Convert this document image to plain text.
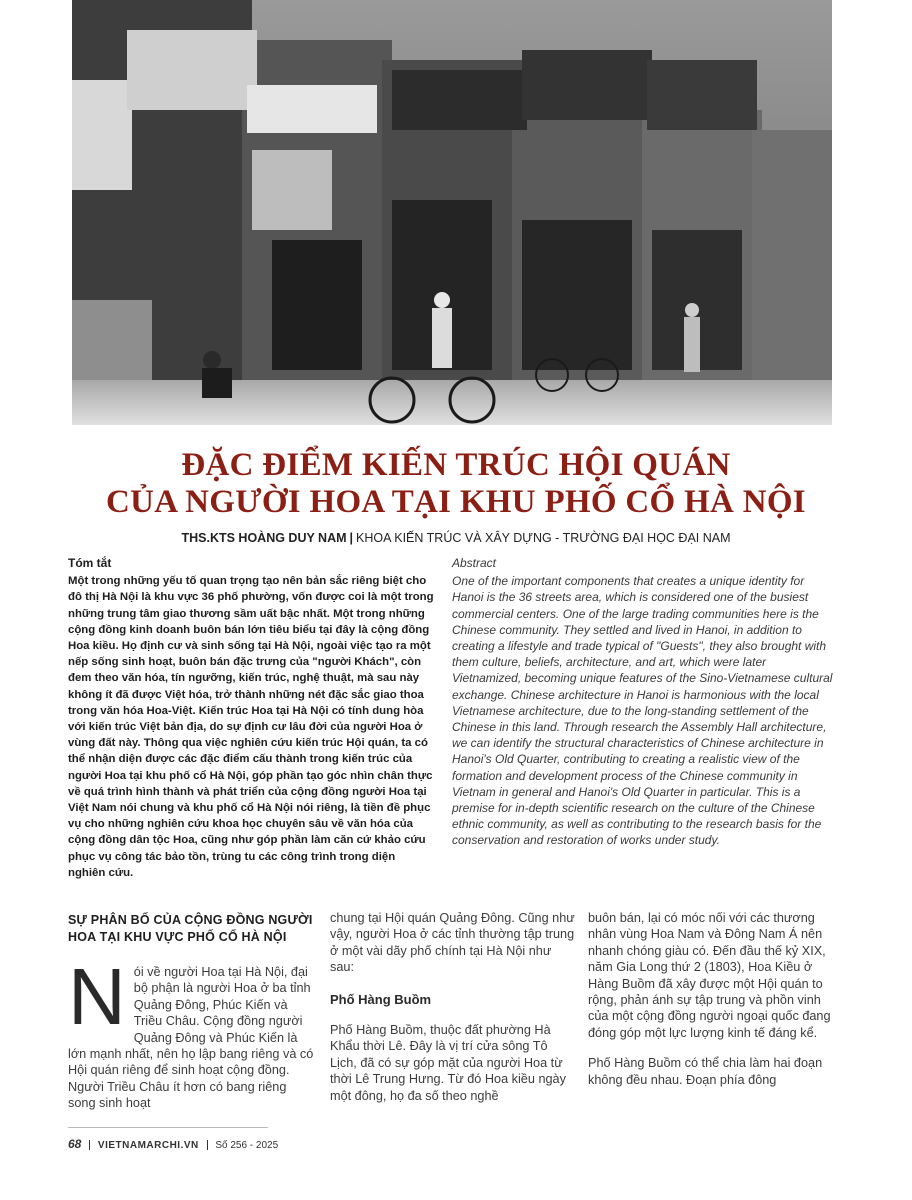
ĐẶC ĐIỂM KIẾN TRÚC HỘI QUÁN
CỦA NGƯỜI HOA TẠI KHU PHỐ CỔ HÀ NỘI
THS.KTS HOÀNG DUY NAM | KHOA KIẾN TRÚC VÀ XÂY DỰNG - TRƯỜNG ĐẠI HỌC ĐẠI NAM
Tóm tắt
Một trong những yếu tố quan trọng tạo nên bản sắc riêng biệt cho đô thị Hà Nội là khu vực 36 phố phường, vốn được coi là một trong những trung tâm giao thương sầm uất bậc nhất. Một trong những cộng đồng kinh doanh buôn bán lớn tiêu biểu tại đây là cộng đồng Hoa kiều. Họ định cư và sinh sống tại Hà Nội, ngoài việc tạo ra một nếp sống sinh hoạt, buôn bán đặc trưng của "người Khách", còn đem theo văn hóa, tín ngưỡng, kiến trúc, nghệ thuật, mà sau này không ít đã được Việt hóa, trở thành những nét đặc sắc giao thoa trong văn hóa Hoa-Việt. Kiến trúc Hoa tại Hà Nội có tính dung hòa với kiến trúc Việt bản địa, do sự định cư lâu đời của người Hoa ở vùng đất này. Thông qua việc nghiên cứu kiến trúc Hội quán, ta có thể nhận diện được các đặc điểm cấu thành trong kiến trúc của người Hoa tại khu phố cổ Hà Nội, góp phần tạo góc nhìn chân thực về quá trình hình thành và phát triển của cộng đồng người Hoa tại Việt Nam nói chung và khu phố cổ Hà Nội nói riêng, là tiền đề phục vụ cho những nghiên cứu khoa học chuyên sâu về văn hóa của cộng đồng dân tộc Hoa, cũng như góp phần làm căn cứ khảo cứu phục vụ công tác bảo tồn, trùng tu các công trình trong diện nghiên cứu.
Abstract
One of the important components that creates a unique identity for Hanoi is the 36 streets area, which is considered one of the busiest commercial centers. One of the large trading communities here is the Chinese community. They settled and lived in Hanoi, in addition to creating a lifestyle and trade typical of "Guests", they also brought with them culture, beliefs, architecture, and art, which were later Vietnamized, becoming unique features of the Sino-Vietnamese cultural exchange. Chinese architecture in Hanoi is harmonious with the local Vietnamese architecture, due to the long-standing settlement of the Chinese in this land. Through research the Assembly Hall architecture, we can identify the structural characteristics of Chinese architecture in Hanoi's Old Quarter, contributing to creating a realistic view of the formation and development process of the Chinese community in Vietnam in general and Hanoi's Old Quarter in particular. This is a premise for in-depth scientific research on the culture of the Chinese ethnic community, as well as contributing to the research basis for the conservation and restoration of works under study.
SỰ PHÂN BỐ CỦA CỘNG ĐỒNG NGƯỜI HOA TẠI KHU VỰC PHỐ CỔ HÀ NỘI
N ói về người Hoa tại Hà Nội, đại bộ phận là người Hoa ở ba tỉnh Quảng Đông, Phúc Kiến và Triều Châu. Cộng đồng người Quảng Đông và Phúc Kiến là lớn mạnh nhất, nên họ lập bang riêng và có Hội quán riêng để sinh hoạt cộng đồng. Người Triều Châu ít hơn có bang riêng song sinh hoạt
chung tại Hội quán Quảng Đông. Cũng như vậy, người Hoa ở các tỉnh thường tập trung ở một vài dãy phố chính tại Hà Nội như sau:
Phố Hàng Buồm
Phố Hàng Buồm, thuộc đất phường Hà Khẩu thời Lê. Đây là vị trí cửa sông Tô Lịch, đã có sự góp mặt của người Hoa từ thời Lê Trung Hưng. Từ đó Hoa kiều ngày một đông, họ đa số theo nghề
buôn bán, lại có móc nối với các thương nhân vùng Hoa Nam và Đông Nam Á nên nhanh chóng giàu có. Đến đầu thế kỷ XIX, năm Gia Long thứ 2 (1803), Hoa Kiều ở Hàng Buồm đã xây được một Hội quán to rộng, phản ánh sự tập trung và phồn vinh của một cộng đồng người ngoại quốc đang đóng góp một lực lượng kinh tế đáng kể.
Phố Hàng Buồm có thể chia làm hai đoạn không đều nhau. Đoạn phía đông
68 VIETNAMARCHI.VN Số 256 - 2025
